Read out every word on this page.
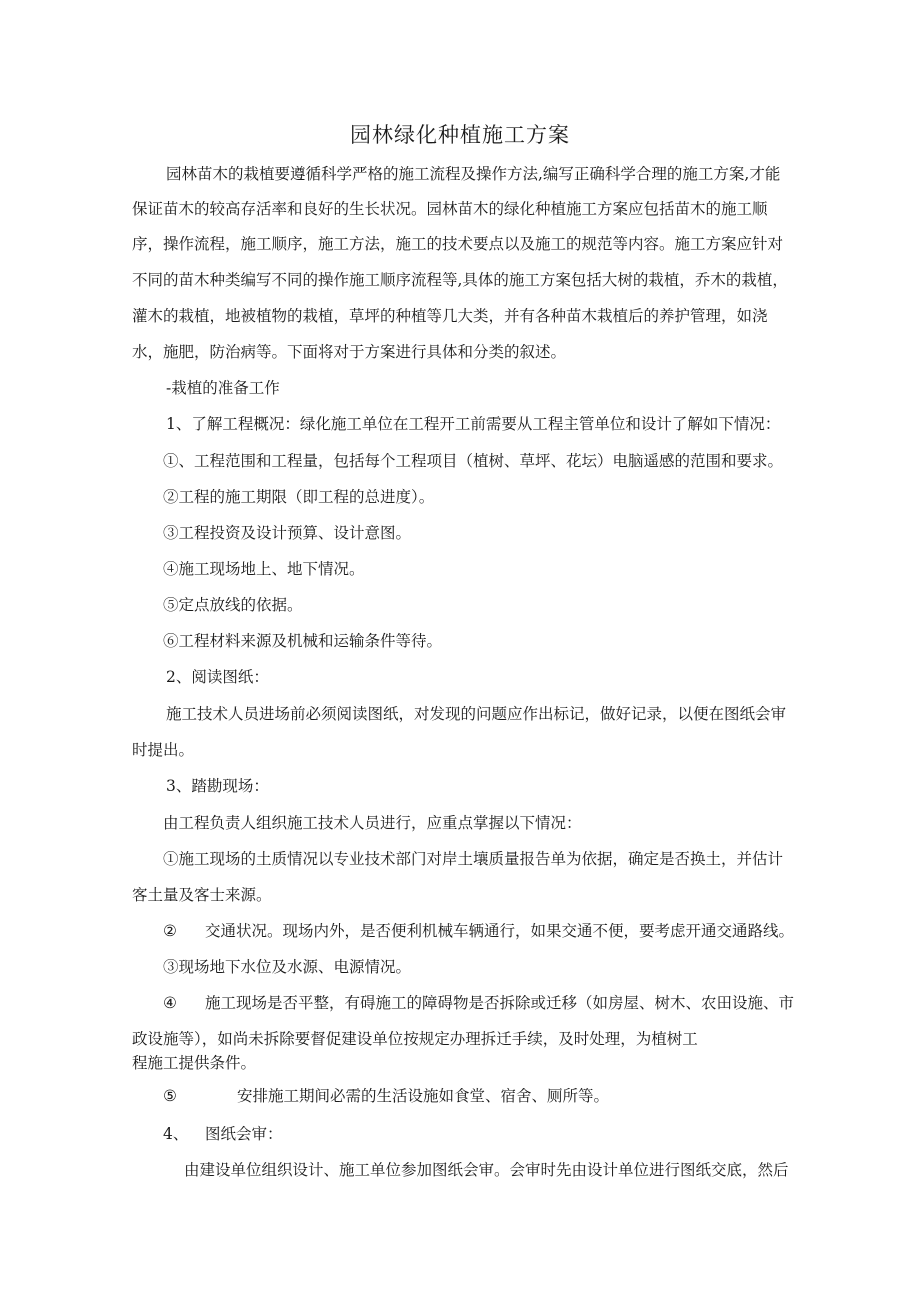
园林绿化种植施工方案
园林苗木的栽植要遵循科学严格的施工流程及操作方法,编写正确科学合理的施工方案,才能
保证苗木的较高存活率和良好的生长状况。园林苗木的绿化种植施工方案应包括苗木的施工顺
序，操作流程，施工顺序，施工方法，施工的技术要点以及施工的规范等内容。施工方案应针对
不同的苗木种类编写不同的操作施工顺序流程等,具体的施工方案包括大树的栽植，乔木的栽植，
灌木的栽植，地被植物的栽植，草坪的种植等几大类，并有各种苗木栽植后的养护管理，如浇
水，施肥，防治病等。下面将对于方案进行具体和分类的叙述。
-栽植的准备工作
1、了解工程概况：绿化施工单位在工程开工前需要从工程主管单位和设计了解如下情况：
①、工程范围和工程量，包括每个工程项目（植树、草坪、花坛）电脑遥感的范围和要求。
②工程的施工期限（即工程的总进度）。
③工程投资及设计预算、设计意图。
④施工现场地上、地下情况。
⑤定点放线的依据。
⑥工程材料来源及机械和运输条件等待。
2、阅读图纸：
施工技术人员进场前必须阅读图纸，对发现的问题应作出标记，做好记录，以便在图纸会审
时提出。
3、踏勘现场：
由工程负责人组织施工技术人员进行，应重点掌握以下情况：
①施工现场的土质情况以专业技术部门对岸土壤质量报告单为依据，确定是否换土，并估计
客土量及客士来源。
② 交通状况。现场内外，是否便利机械车辆通行，如果交通不便，要考虑开通交通路线。
③现场地下水位及水源、电源情况。
④ 施工现场是否平整，有碍施工的障碍物是否拆除或迁移（如房屋、树木、农田设施、市
政设施等），如尚未拆除要督促建设单位按规定办理拆迁手续，及时处理，为植树工
程施工提供条件。
⑤	安排施工期间必需的生活设施如食堂、宿舍、厕所等。
4、 图纸会审：
由建设单位组织设计、施工单位参加图纸会审。会审时先由设计单位进行图纸交底，然后
